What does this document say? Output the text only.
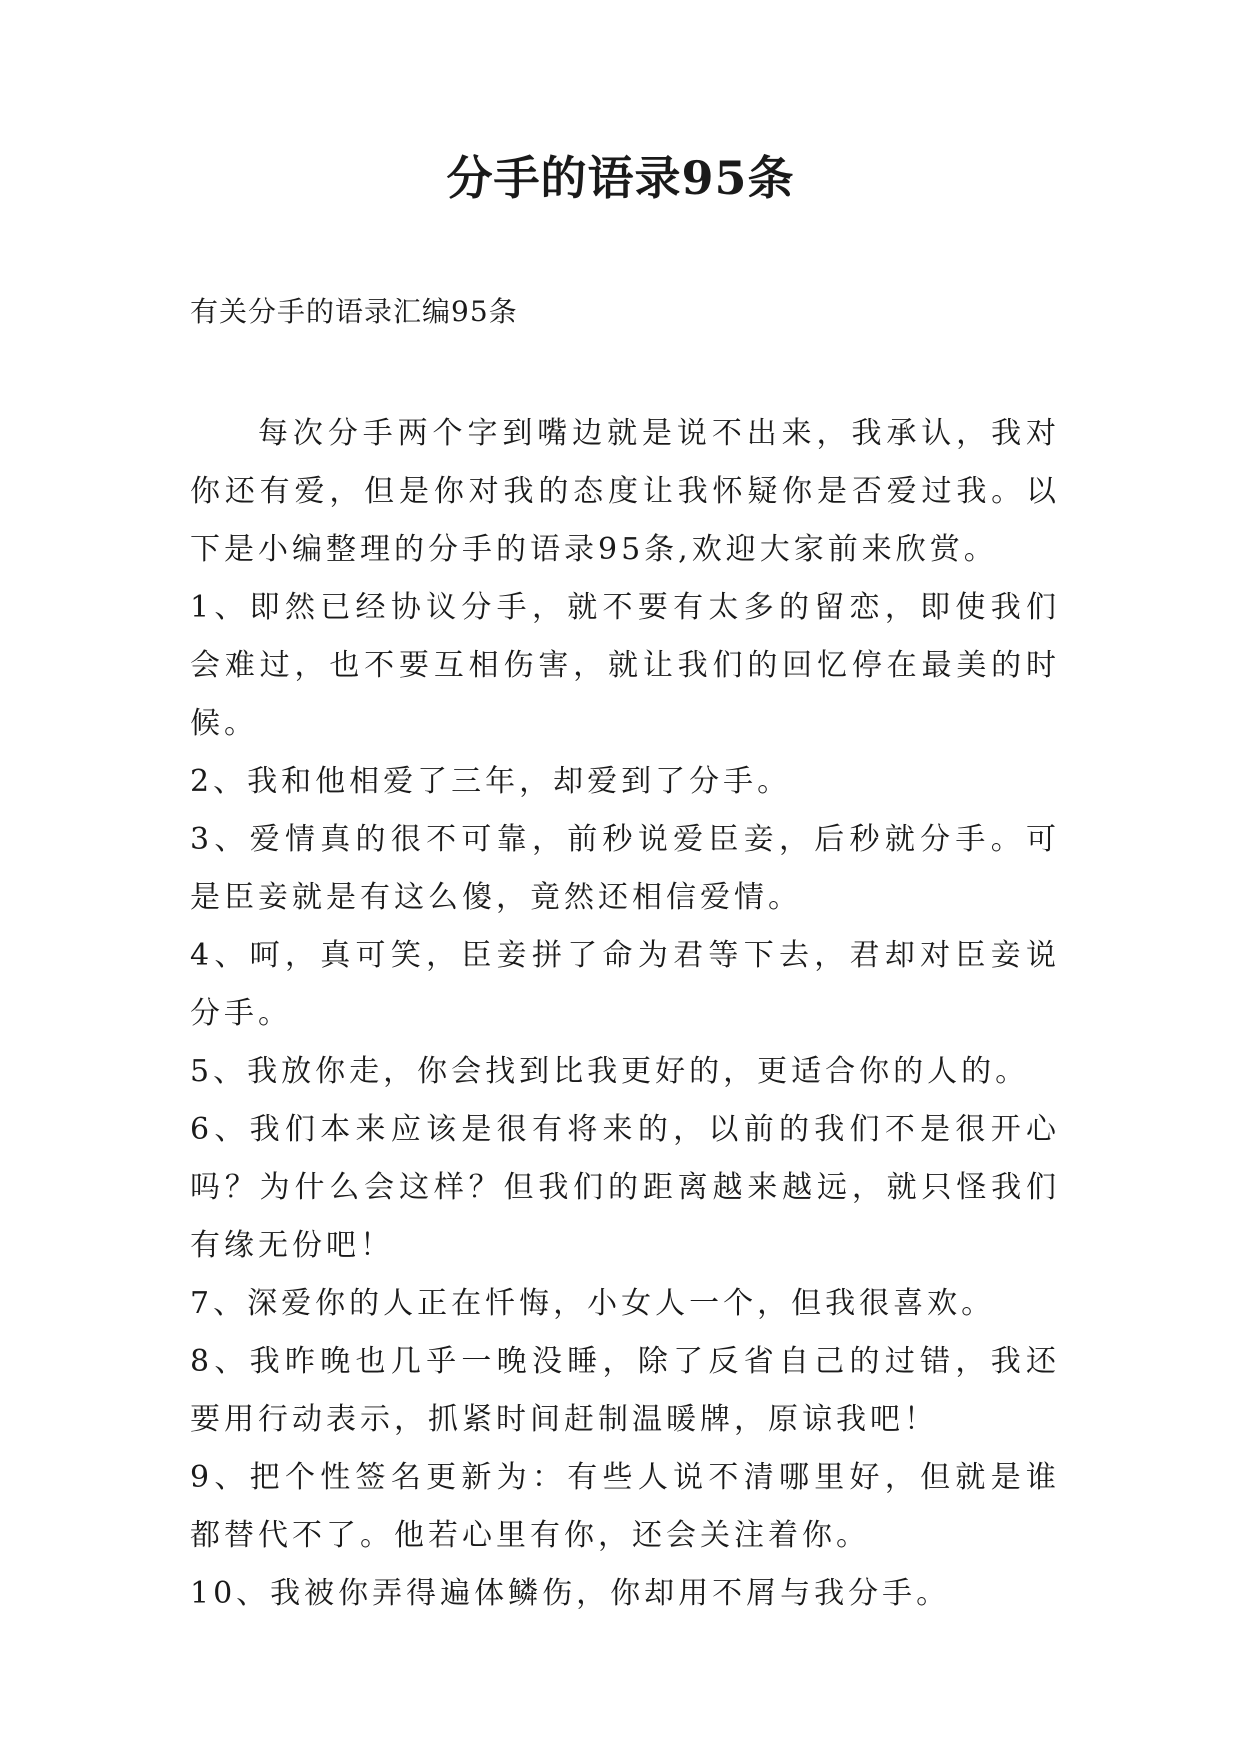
分手的语录95条

有关分手的语录汇编95条

每次分手两个字到嘴边就是说不出来，我承认，我对你还有爱，但是你对我的态度让我怀疑你是否爱过我。以下是小编整理的分手的语录95条,欢迎大家前来欣赏。

1、即然已经协议分手，就不要有太多的留恋，即使我们会难过，也不要互相伤害，就让我们的回忆停在最美的时候。

2、我和他相爱了三年，却爱到了分手。

3、爱情真的很不可靠，前秒说爱臣妾，后秒就分手。可是臣妾就是有这么傻，竟然还相信爱情。

4、呵，真可笑，臣妾拼了命为君等下去，君却对臣妾说分手。

5、我放你走，你会找到比我更好的，更适合你的人的。

6、我们本来应该是很有将来的，以前的我们不是很开心吗？为什么会这样？但我们的距离越来越远，就只怪我们有缘无份吧！

7、深爱你的人正在忏悔，小女人一个，但我很喜欢。

8、我昨晚也几乎一晚没睡，除了反省自己的过错，我还要用行动表示，抓紧时间赶制温暖牌，原谅我吧！

9、把个性签名更新为：有些人说不清哪里好，但就是谁都替代不了。他若心里有你，还会关注着你。

10、我被你弄得遍体鳞伤，你却用不屑与我分手。
